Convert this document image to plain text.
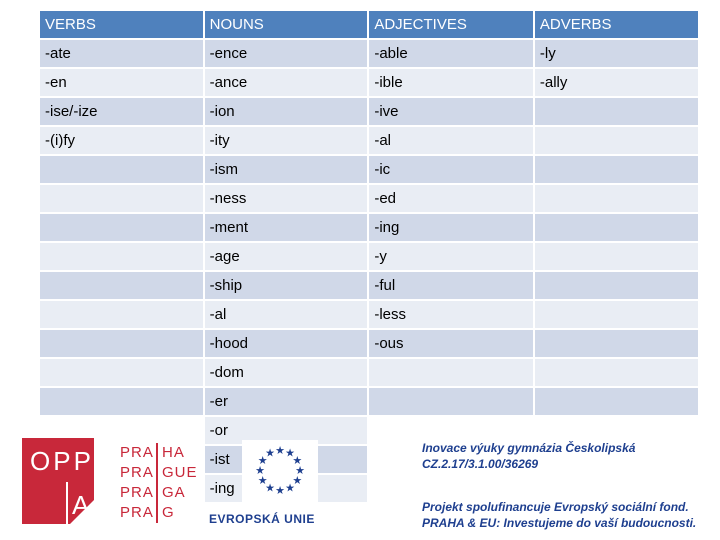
VERBS	NOUNS	ADJECTIVES	ADVERBS
-ate	-ence	-able	-ly
-en	-ance	-ible	-ally
-ise/-ize	-ion	-ive	
-(i)fy	-ity	-al	
	-ism	-ic	
	-ness	-ed	
	-ment	-ing	
	-age	-y	
	-ship	-ful	
	-al	-less	
	-hood	-ous	
	-dom		
	-er		
	-or		
	-ist		
	-ing		
OPP
A
PRA HA
PRA GUE
PRA GA
PRA G
★
★
★
★
★
★
★
★
★ ★ ★
★
EVROPSKÁ UNIE
Inovace výuky gymnázia Českolipská
CZ.2.17/3.1.00/36269
Projekt spolufinancuje Evropský sociální fond.
PRAHA & EU: Investujeme do vaší budoucnosti.
